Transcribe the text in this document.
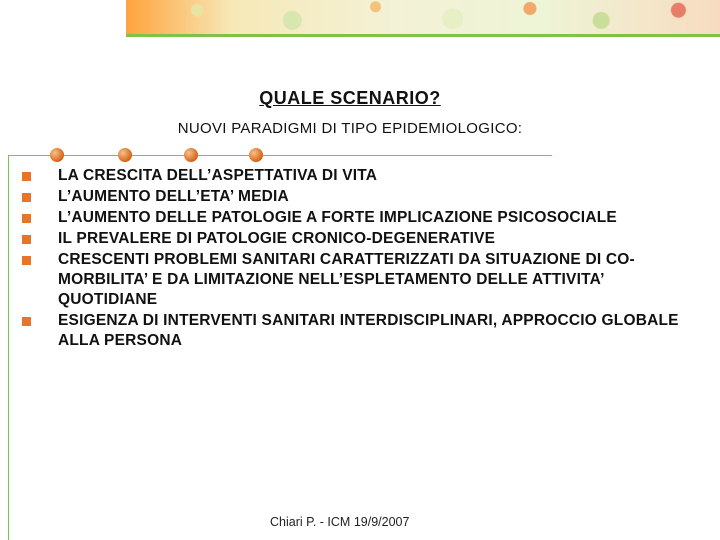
QUALE SCENARIO?
NUOVI PARADIGMI DI TIPO EPIDEMIOLOGICO:
LA CRESCITA DELL’ASPETTATIVA DI VITA
L’AUMENTO DELL’ETA’ MEDIA
L’AUMENTO DELLE PATOLOGIE A FORTE IMPLICAZIONE PSICOSOCIALE
IL PREVALERE DI PATOLOGIE CRONICO-DEGENERATIVE
CRESCENTI PROBLEMI SANITARI CARATTERIZZATI DA SITUAZIONE DI CO-MORBILITA’ E DA LIMITAZIONE NELL’ESPLETAMENTO DELLE ATTIVITA’ QUOTIDIANE
ESIGENZA DI INTERVENTI SANITARI INTERDISCIPLINARI, APPROCCIO GLOBALE ALLA PERSONA
Chiari P. - ICM 19/9/2007
